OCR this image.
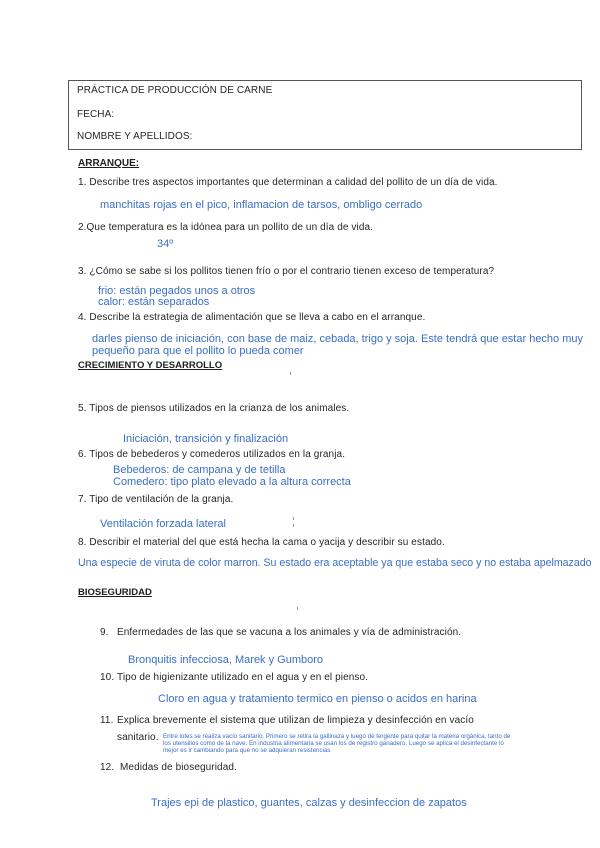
PRÁCTICA DE PRODUCCIÓN DE CARNE
FECHA:
NOMBRE Y APELLIDOS:
ARRANQUE:
1. Describe tres aspectos importantes que determinan a calidad del pollito de un día de vida.
manchitas rojas en el pico, inflamacion de tarsos, ombligo cerrado
2.Que temperatura es la idónea para un pollito de un día de vida.
34º
3. ¿Cómo se sabe si los pollitos tienen frío o por el contrario tienen exceso de temperatura?
frio: están pegados unos a otros
calor: están separados
4. Describe la estrategia de alimentación que se lleva a cabo en el arranque.
darles pienso de iniciación, con base de maiz, cebada, trigo y soja. Este tendrá que estar hecho muy
pequeño para que el pollito lo pueda comer
CRECIMIENTO Y DESARROLLO
5. Tipos de piensos utilizados en la crianza de los animales.
Iniciación, transición y finalización
6. Tipos de bebederos y comederos utilizados en la granja.
Bebederos: de campana y de tetilla
Comedero: tipo plato elevado a la altura correcta
7. Tipo de ventilación de la granja.
Ventilación forzada lateral
8. Describir el material del que está hecha la cama o yacija y describir su estado.
Una especie de viruta de color marron. Su estado era aceptable ya que estaba seco y no estaba apelmazado
BIOSEGURIDAD
9. Enfermedades de las que se vacuna a los animales y vía de administración.
Bronquitis infecciosa, Marek y Gumboro
10. Tipo de higienizante utilizado en el agua y en el pienso.
Cloro en agua y tratamiento termico en pienso o acidos en harina
11. Explica brevemente el sistema que utilizan de limpieza y desinfección en vacío
sanitario. Entre lotes se realiza vacío sanitario. Primero se retira la gallinaza y luego de tergente para quitar la materia orgánica, tanto de
los utensilios como de la nave. En industria alimentaria se usan los de registro ganadero. Luego se aplica el desinfectante lo
mejor es ir cambiando para que no se adquieran resistencias
12. Medidas de bioseguridad.
Trajes epi de plastico, guantes, calzas y desinfeccion de zapatos
